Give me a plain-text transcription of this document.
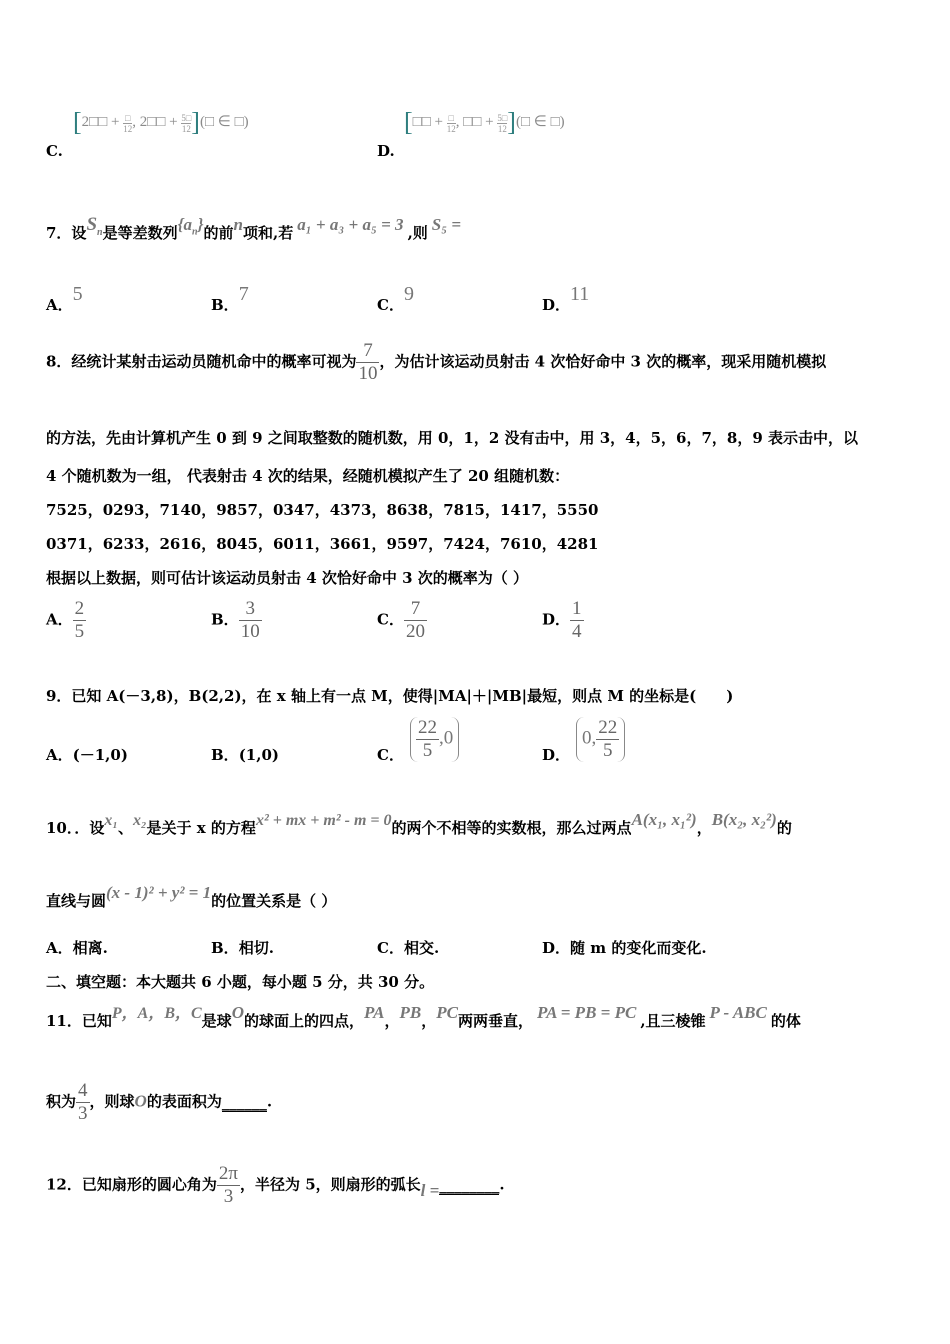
[2□□ + □
12 , 2□□ + $\frac{5□}{12}$ ](□ ∈ □)
C.
[□□ + □
12 , □□ + $\frac{5□}{12}$ ](□ ∈ □)
D.
7．设$S_n$是等差数列$\{a_n\}$的前n项和,若 a₁ + a₃ + a₅ = 3 ,则 S₅ =
A．5	B．7	C．9	D．11
8．经统计某射击运动员随机命中的概率可视为 $\frac{7}{10}$ ，为估计该运动员射击 4 次恰好命中 3 次的概率，现采用随机模拟
的方法，先由计算机产生 0 到 9 之间取整数的随机数，用 0，1，2 没有击中，用 3，4，5，6，7，8，9 表示击中，以
4 个随机数为一组， 代表射击 4 次的结果，经随机模拟产生了 20 组随机数：
7525，0293，7140，9857，0347，4373，8638，7815，1417，5550
0371，6233，2616，8045，6011，3661，9597，7424，7610，4281
根据以上数据，则可估计该运动员射击 4 次恰好命中 3 次的概率为（ ）
A． $\frac{2}{5}$	B． $\frac{3}{10}$	C． $\frac{7}{20}$	D． $\frac{1}{4}$
9．已知 A(－3,8)，B(2,2)，在 x 轴上有一点 M，使得|MA|＋|MB|最短，则点 M 的坐标是(　　)
A．(－1,0)	B．(1,0)	C． $\frac{22}{5} ,0$
D．0, $\frac{22}{5}$
10．．设x₁、x₂是关于 x 的方程x² + mx + m² - m = 0的两个不相等的实数根，那么过两点A(x₁, x₁²)，B(x₂, x₂²)的
直线与圆(x - 1)² + y² = 1的位置关系是（ ）
A．相离.	B．相切.	C．相交.	D．随 m 的变化而变化.
二、填空题：本大题共 6 小题，每小题 5 分，共 30 分。
11．已知P，A，B，C是球O的球面上的四点，PA，PB，PC两两垂直， PA = PB = PC ,且三棱锥 P - ABC 的体
积为 $\frac{4}{3}$ ，则球O的表面积为______.
12．已知扇形的圆心角为 $\frac{2\pi}{3}$ ，半径为 5，则扇形的弧长l =________.
